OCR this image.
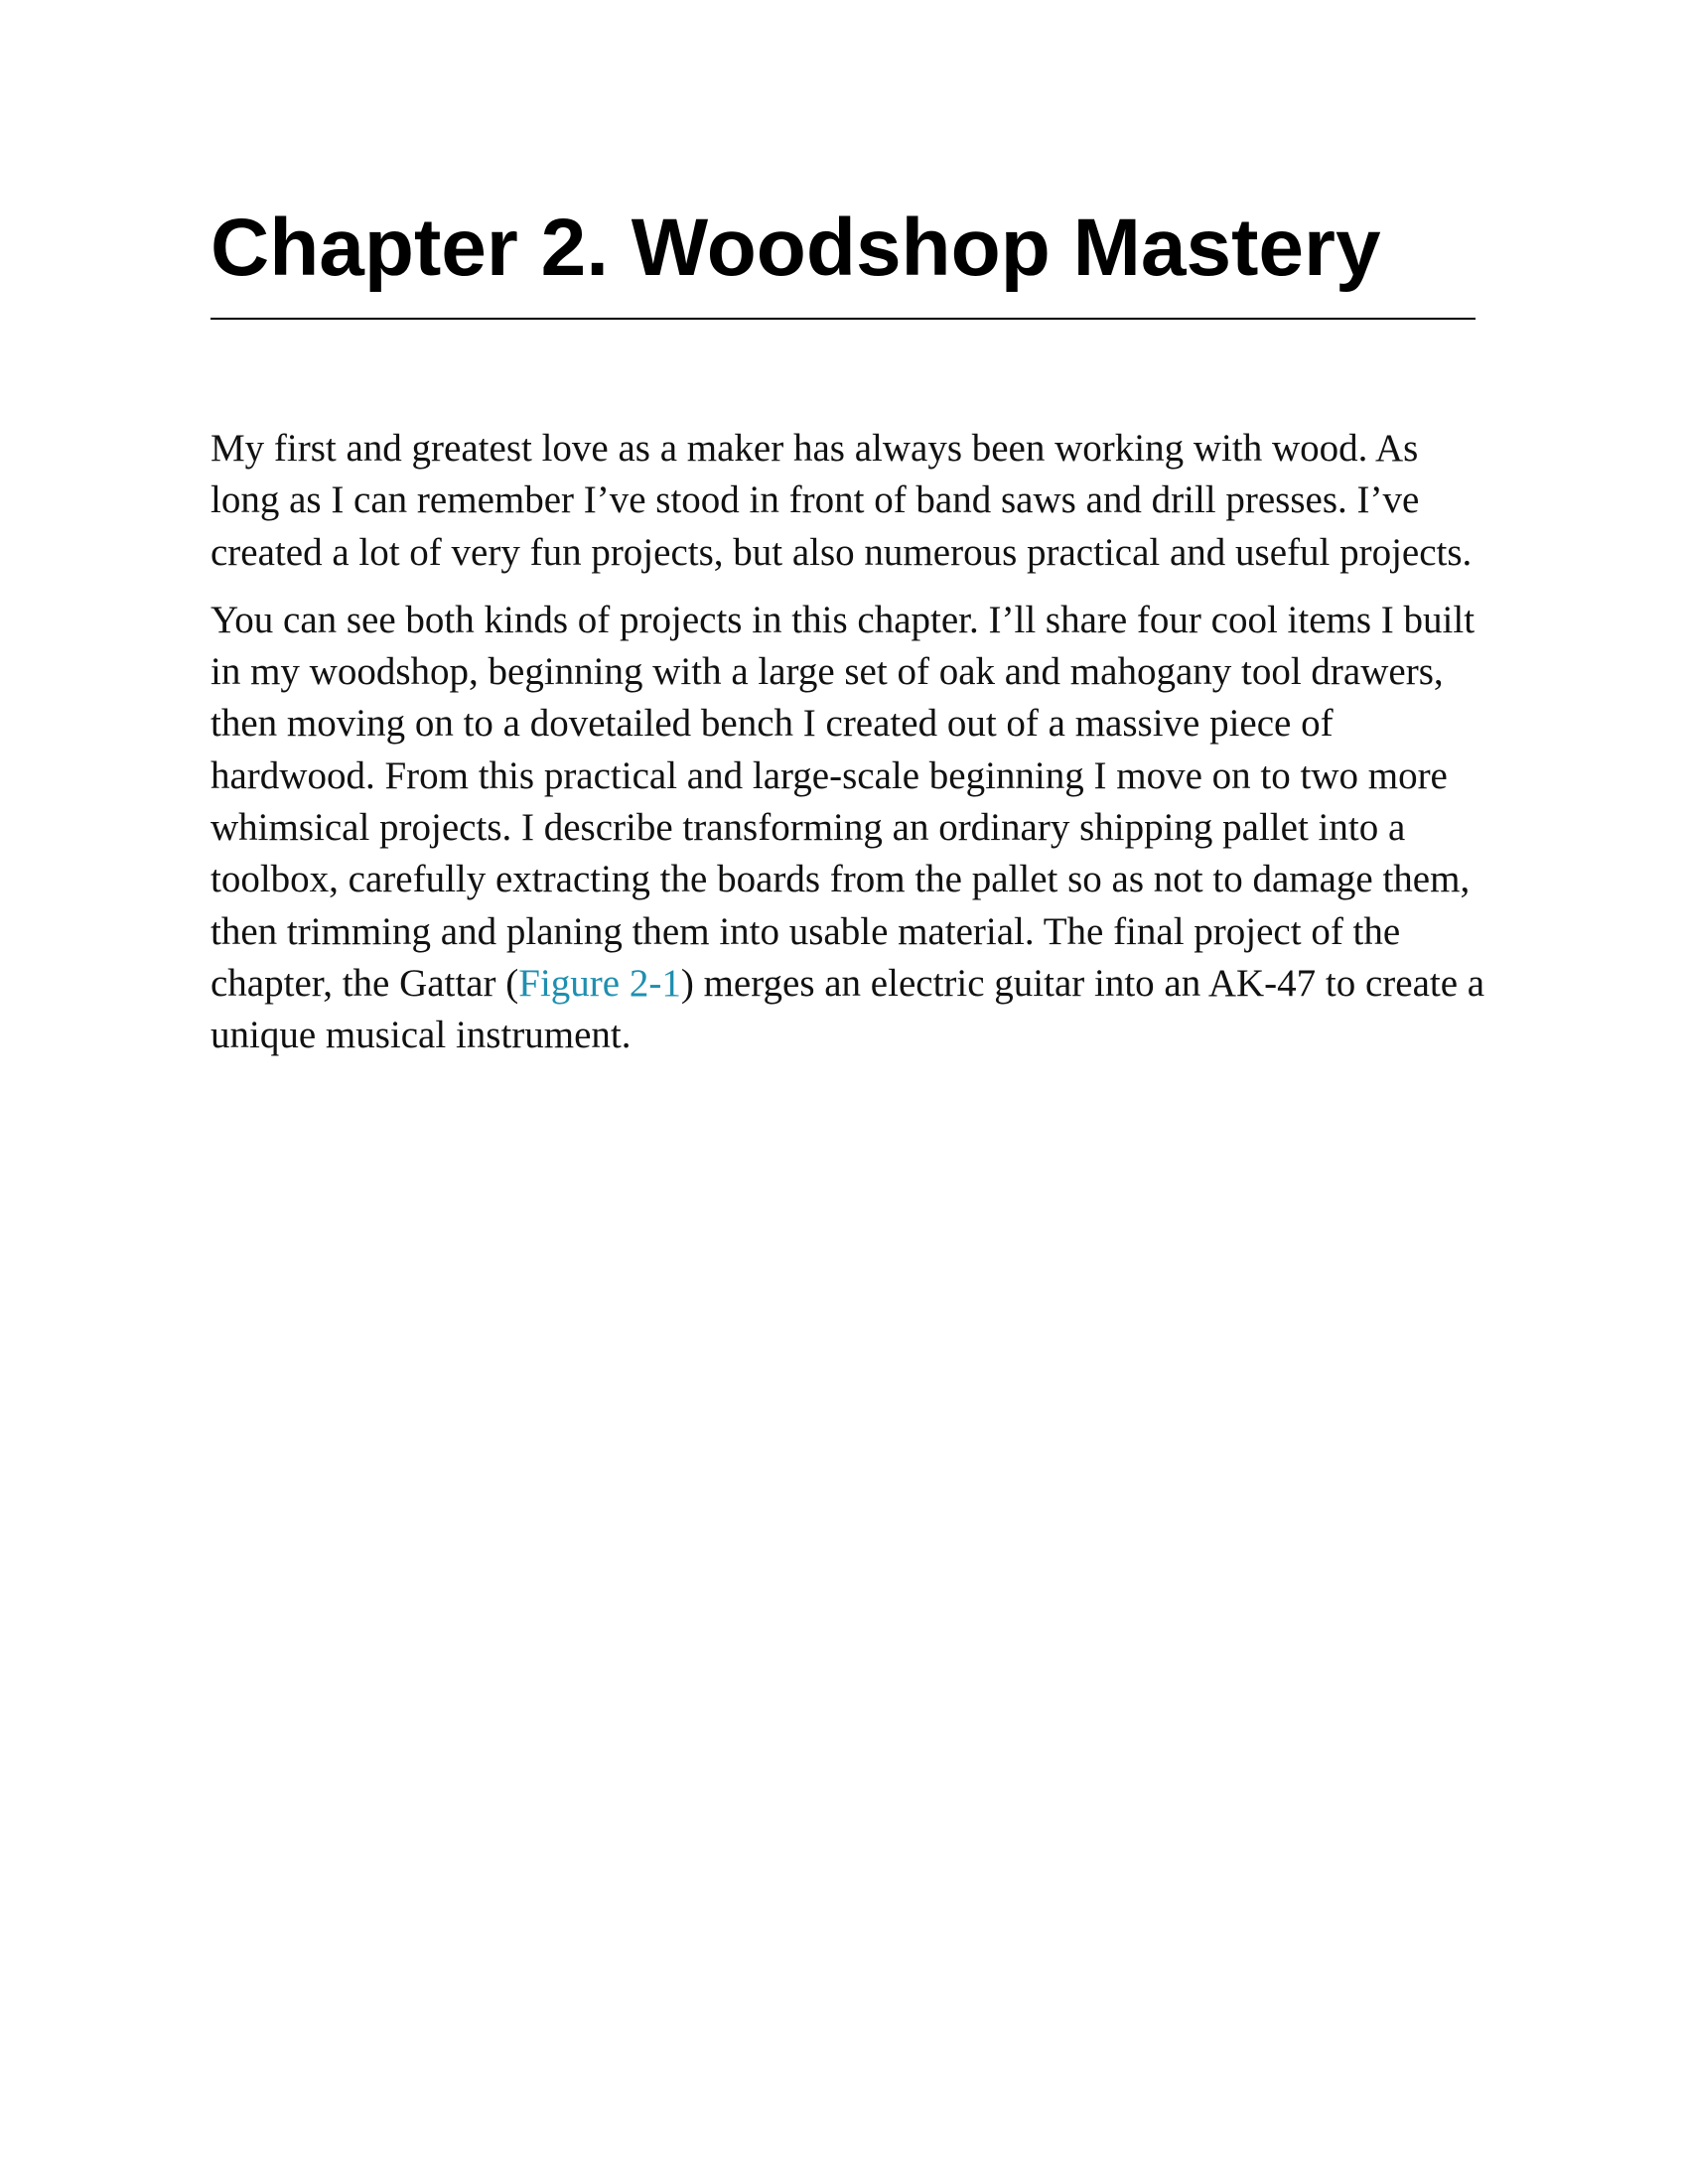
Chapter 2. Woodshop Mastery

My first and greatest love as a maker has always been working with wood. As long as I can remember I’ve stood in front of band saws and drill presses. I’ve created a lot of very fun projects, but also numerous practical and useful projects.

You can see both kinds of projects in this chapter. I’ll share four cool items I built in my woodshop, beginning with a large set of oak and mahogany tool drawers, then moving on to a dovetailed bench I created out of a massive piece of hardwood. From this practical and large-scale beginning I move on to two more whimsical projects. I describe transforming an ordinary shipping pallet into a toolbox, carefully extracting the boards from the pallet so as not to damage them, then trimming and planing them into usable material. The final project of the chapter, the Gattar (Figure 2-1) merges an electric guitar into an AK-47 to create a unique musical instrument.
